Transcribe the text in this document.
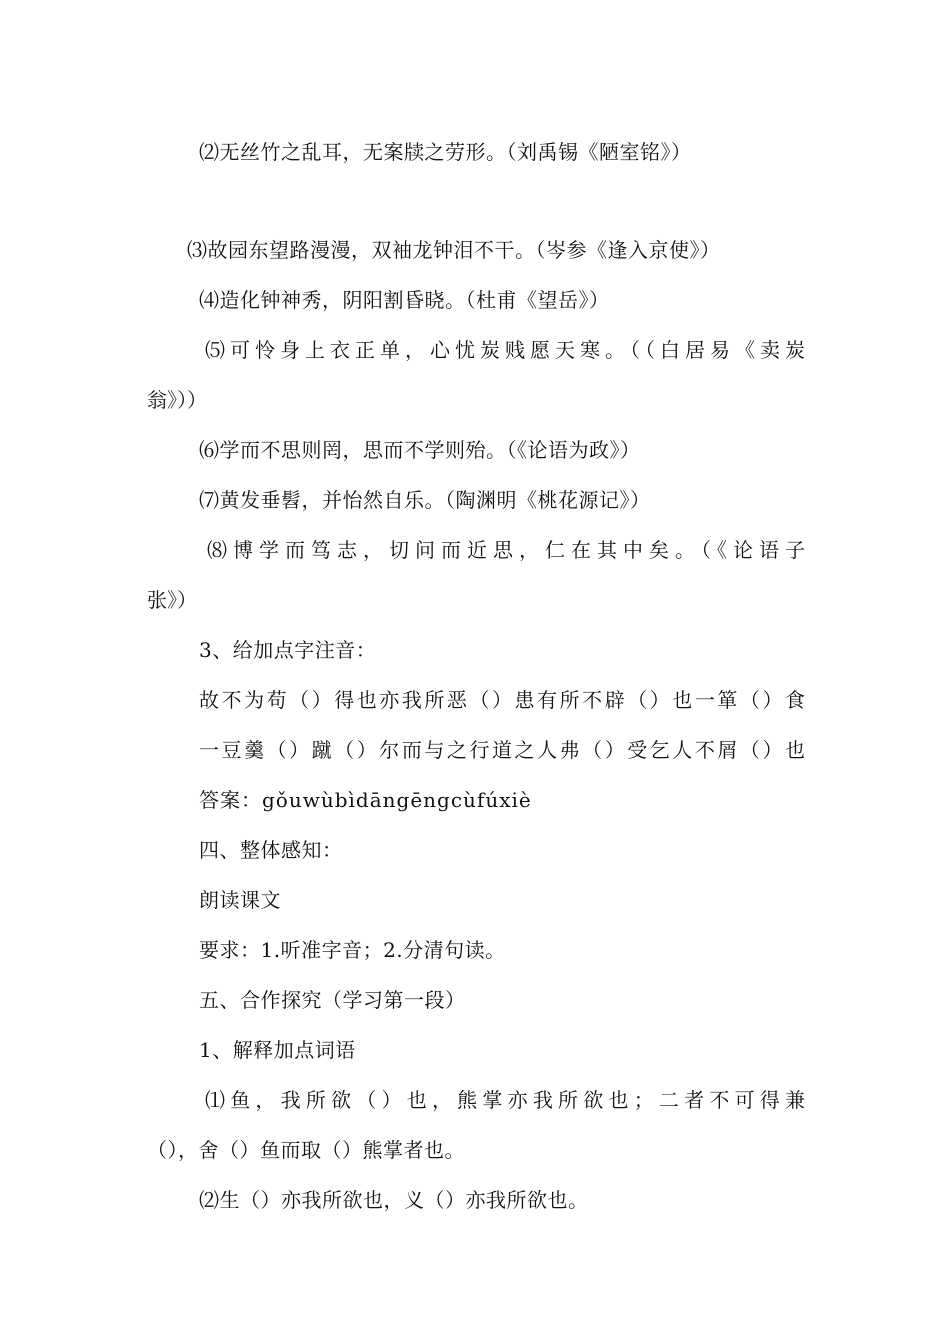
⑵无丝竹之乱耳，无案牍之劳形。（刘禹锡《陋室铭》）
⑶故园东望路漫漫，双袖龙钟泪不干。（岑参《逢入京使》）
⑷造化钟神秀，阴阳割昏晓。（杜甫《望岳》）
⑸可怜身上衣正单，心忧炭贱愿天寒。（（白居易《卖炭
翁》））
⑹学而不思则罔，思而不学则殆。（《论语为政》）
⑺黄发垂髫，并怡然自乐。（陶渊明《桃花源记》）
⑻博学而笃志，切问而近思，仁在其中矣。（《论语子
张》）
3、给加点字注音：
故不为苟（）得也亦我所恶（）患有所不辟（）也一箪（）食
一豆羹（）蹴（）尔而与之行道之人弗（）受乞人不屑（）也
答案：gǒuwùbìdāngēngcùfúxiè
四、整体感知：
朗读课文
要求：1.听准字音；2.分清句读。
五、合作探究（学习第一段）
1、解释加点词语
⑴鱼，我所欲（）也，熊掌亦我所欲也；二者不可得兼
（），舍（）鱼而取（）熊掌者也。
⑵生（）亦我所欲也，义（）亦我所欲也。
